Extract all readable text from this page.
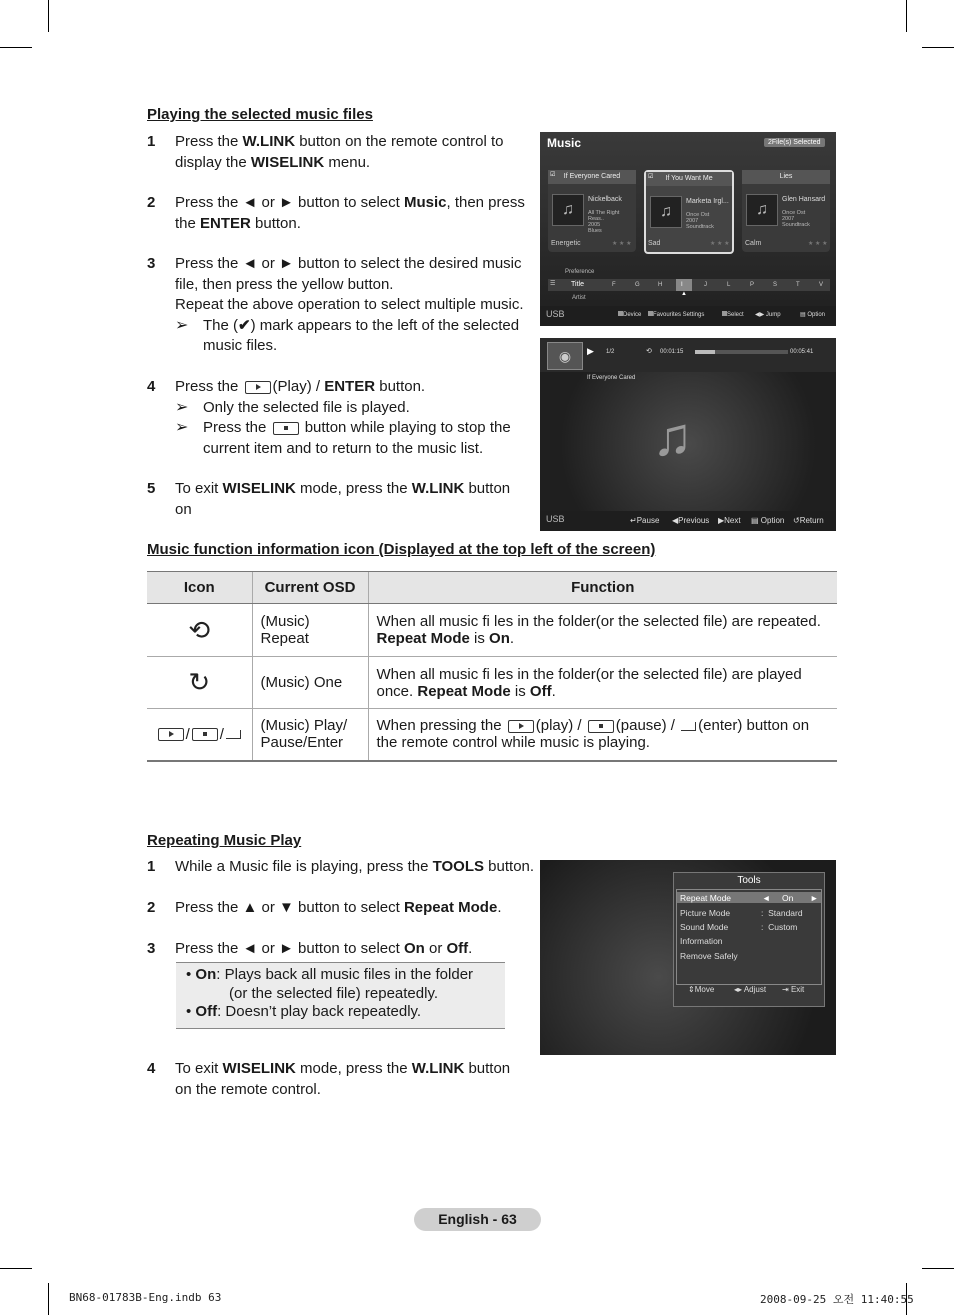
Playing the selected music files
1 Press the W.LINK button on the remote control to display the WISELINK menu.
2 Press the ◄ or ► button to select Music, then press the ENTER button.
3 Press the ◄ or ► button to select the desired music file, then press the yellow button.
Repeat the above operation to select multiple music.
➢ The (✔) mark appears to the left of the selected music files.
4 Press the (Play) / ENTER button.
➢ Only the selected file is played.
➢ Press the  button while playing to stop the current item and to return to the music list.
5 To exit WISELINK mode, press the W.LINK button on
Music	2File(s) Selected
If Everyone Cared
☑
♫
Nickelback
All The Right Reas..
2005
Blues
If You Want Me
☑
♫
Marketa Irgl...
Once Ost
2007
Soundtrack
Lies
♫
Glen Hansard
Once Ost
2007
Soundtrack
Energetic	★ ★ ★ Sad	★ ★ ★ Calm	★ ★ ★
Preference
☰ Title	F	G	H	I	J	L	P	S	T	V
▲
Artist
USB	Device	Favourites Settings	Select ◀▶ Jump	▤ Option
◉	▶ 1/2	⟲ 00:01:15	00:05:41
If Everyone Cared
♫
USB	↵Pause ◀Previous ▶Next ▤ Option ↺Return
Music function information icon (Displayed at the top left of the screen)
Icon	Current OSD	Function
⟲	(Music) Repeat	When all music fi les in the folder(or the selected file) are repeated. Repeat Mode is On.
↻	(Music) One	When all music fi les in the folder(or the selected file) are played once. Repeat Mode is Off.
/ /	(Music) Play/ Pause/Enter	When pressing the (play) / (pause) / (enter) button on the remote control while music is playing.
Repeating Music Play
1 While a Music file is playing, press the TOOLS button.
2 Press the ▲ or ▼ button to select Repeat Mode.
3 Press the ◄ or ► button to select On or Off.
• On: Plays back all music files in the folder
(or the selected file) repeatedly.
• Off: Doesn’t play back repeatedly.
4 To exit WISELINK mode, press the W.LINK button on the remote control.
Tools
Repeat Mode	◄ On	►
Picture Mode	:  Standard
Sound Mode	:  Custom
Information
Remove Safely
⇕Move ◂▸ Adjust ⇥ Exit
English - 63
BN68-01783B-Eng.indb 63	2008-09-25 오전 11:40:55
